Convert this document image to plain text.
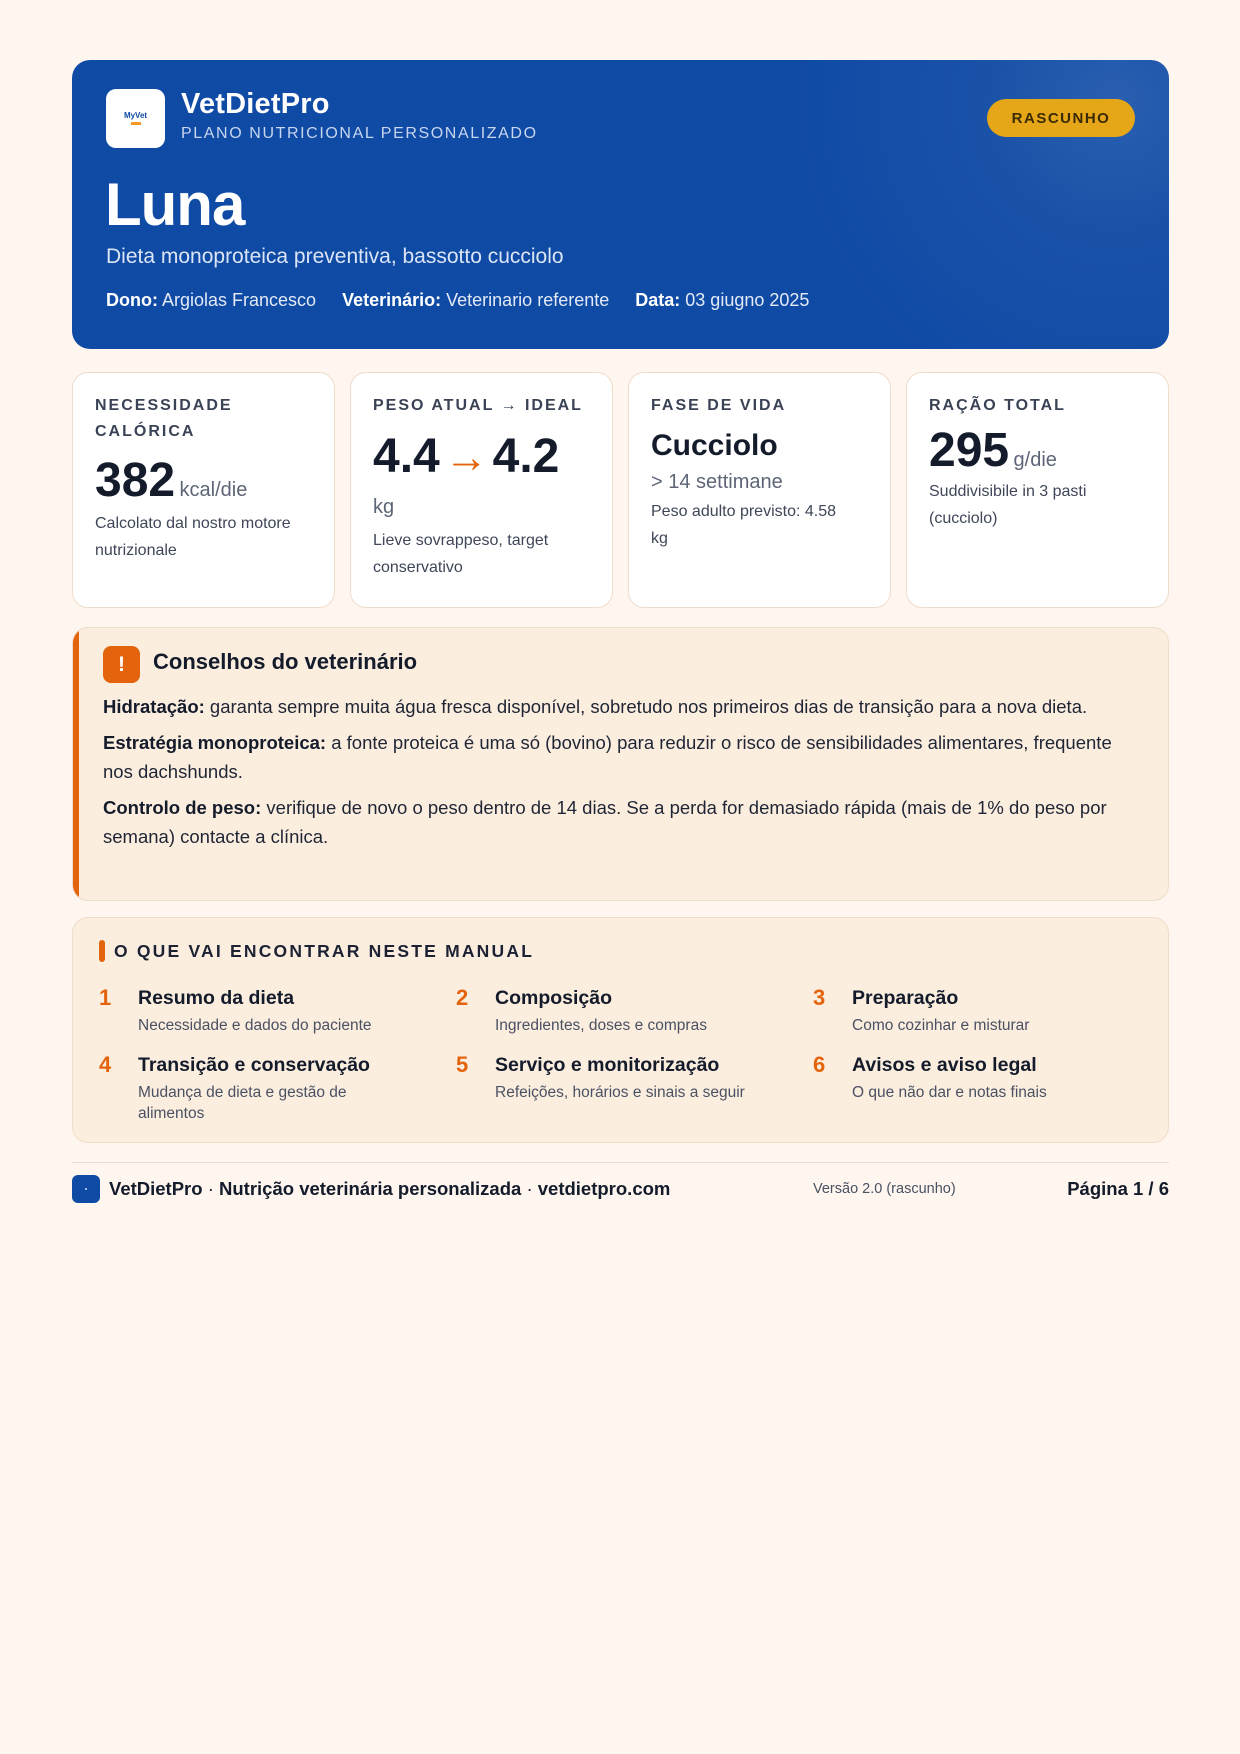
MyVet VetDietPro
PLANO NUTRICIONAL PERSONALIZADO
RASCUNHO
Luna
Dieta monoproteica preventiva, bassotto cucciolo
Dono: Argiolas Francesco Veterinário: Veterinario referente Data: 03 giugno 2025
NECESSIDADE CALÓRICA
382 kcal/die
Calcolato dal nostro motore nutrizionale
PESO ATUAL → IDEAL
4.4 → 4.2
kg
Lieve sovrappeso, target conservativo
FASE DE VIDA
Cucciolo
> 14 settimane
Peso adulto previsto: 4.58 kg
RAÇÃO TOTAL
295 g/die
Suddivisibile in 3 pasti (cucciolo)
!	Conselhos do veterinário

Hidratação: garanta sempre muita água fresca disponível, sobretudo nos primeiros dias de transição para a nova dieta.

Estratégia monoproteica: a fonte proteica é uma só (bovino) para reduzir o risco de sensibilidades alimentares, frequente nos dachshunds.

Controlo de peso: verifique de novo o peso dentro de 14 dias. Se a perda for demasiado rápida (mais de 1% do peso por semana) contacte a clínica.

O QUE VAI ENCONTRAR NESTE MANUAL
1 Resumo da dieta
Necessidade e dados do paciente
2 Composição
Ingredientes, doses e compras
3 Preparação
Como cozinhar e misturar
4 Transição e conservação
Mudança de dieta e gestão de alimentos
5 Serviço e monitorização
Refeições, horários e sinais a seguir
6 Avisos e aviso legal
O que não dar e notas finais
VetDietPro · Nutrição veterinária personalizada · vetdietpro.com	Versão 2.0 (rascunho)	Página 1 / 6
